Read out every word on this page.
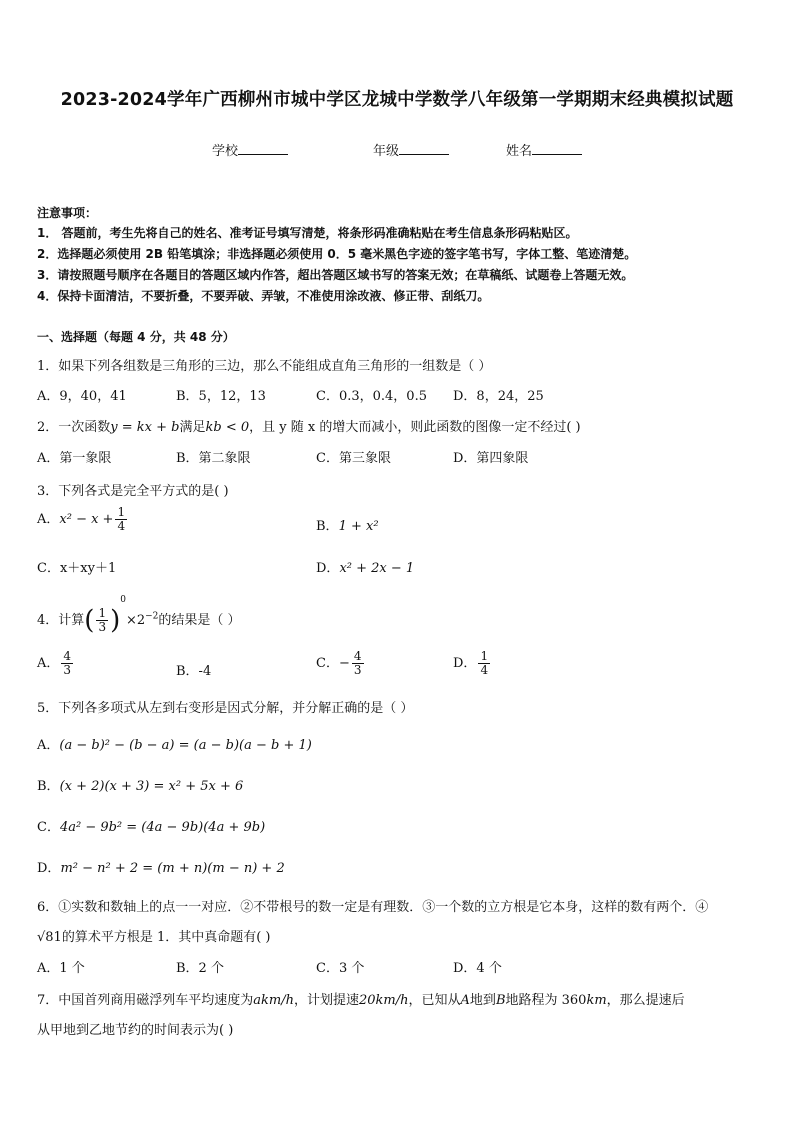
2023-2024学年广西柳州市城中学区龙城中学数学八年级第一学期期末经典模拟试题
学校	年级	姓名
注意事项：
1． 答题前，考生先将自己的姓名、准考证号填写清楚，将条形码准确粘贴在考生信息条形码粘贴区。
2．选择题必须使用 2B 铅笔填涂；非选择题必须使用 0．5 毫米黑色字迹的签字笔书写，字体工整、笔迹清楚。
3．请按照题号顺序在各题目的答题区域内作答，超出答题区域书写的答案无效；在草稿纸、试题卷上答题无效。
4．保持卡面清洁，不要折叠，不要弄破、弄皱，不准使用涂改液、修正带、刮纸刀。
一、选择题（每题 4 分，共 48 分）
1．如果下列各组数是三角形的三边，那么不能组成直角三角形的一组数是（ ）
A．9，40，41	B．5，12，13	C．0.3，0.4，0.5 D．8，24，25
2．一次函数y = kx + b满足kb < 0，且 y 随 x 的增大而减小，则此函数的图像一定不经过( )
A．第一象限	B．第二象限	C．第三象限	D．第四象限
3．下列各式是完全平方式的是( )
A．$x^2 - x + \frac{1}{4}$	B．1 + x²
C．x＋xy＋1	D．x² + 2x − 1
4．计算( $\frac{1}{3} )^0\times 2^{-2}$的结果是（ ）
A． $\frac{4}{3}$	B．-4
C．− $\frac{4}{3}$	D． $\frac{1}{4}$
5．下列各多项式从左到右变形是因式分解，并分解正确的是（ ）
A．(a − b)² − (b − a) = (a − b)(a − b + 1)
B．(x + 2)(x + 3) = x² + 5x + 6
C．4a² − 9b² = (4a − 9b)(4a + 9b)
D．m² − n² + 2 = (m + n)(m − n) + 2
6．①实数和数轴上的点一一对应．②不带根号的数一定是有理数．③一个数的立方根是它本身，这样的数有两个．④
√81的算术平方根是 1．其中真命题有( )
A．1 个	B．2 个	C．3 个	D．4 个
7．中国首列商用磁浮列车平均速度为akm/h，计划提速20km/h，已知从A地到B地路程为 360km，那么提速后
从甲地到乙地节约的时间表示为( )
